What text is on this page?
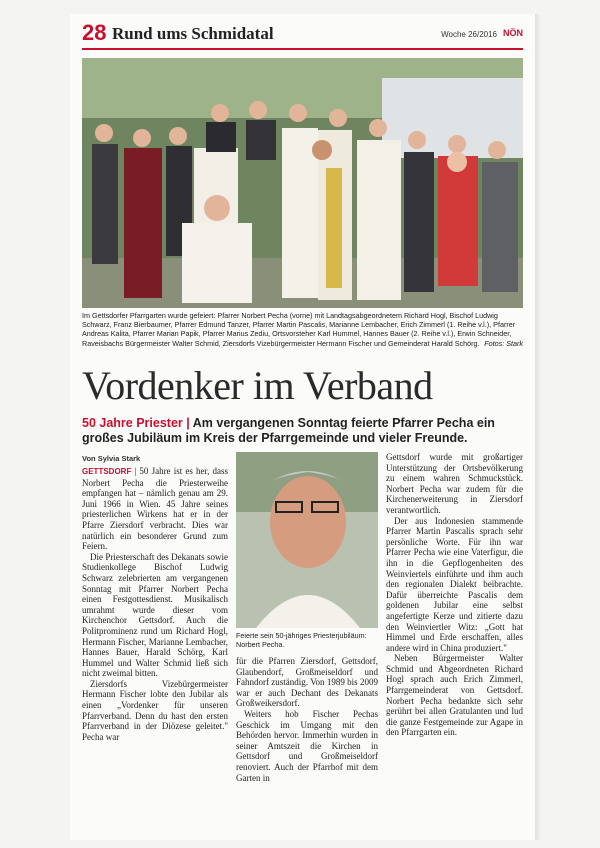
28 Rund ums Schmidatal	Woche 26/2016 NÖN
Im Gettsdorfer Pfarrgarten wurde gefeiert: Pfarrer Norbert Pecha (vorne) mit Landtagsabgeordnetem Richard Hogl, Bischof Ludwig Schwarz, Franz Bierbaumer, Pfarrer Edmund Tanzer, Pfarrer Martin Pascalis, Marianne Lembacher, Erich Zimmerl (1. Reihe v.l.), Pfarrer Andreas Kalita, Pfarrer Marian Papik, Pfarrer Marius Zediu, Ortsvorsteher Karl Hummel, Hannes Bauer (2. Reihe v.l.), Erwin Schneider, Raveisbachs Bürgermeister Walter Schmid, Ziersdorfs Vizebürgermeister Hermann Fischer und Gemeinderat Harald Schörg. Fotos: Stark
Vordenker im Verband
50 Jahre Priester | Am vergangenen Sonntag feierte Pfarrer Pecha ein großes Jubiläum im Kreis der Pfarrgemeinde und vieler Freunde.
Von Sylvia Stark

GETTSDORF | 50 Jahre ist es her, dass Norbert Pecha die Priesterweihe empfangen hat – nämlich genau am 29. Juni 1966 in Wien. 45 Jahre seines priesterlichen Wirkens hat er in der Pfarre Ziersdorf verbracht. Dies war natürlich ein besonderer Grund zum Feiern.

Die Priesterschaft des Dekanats sowie Studienkollege Bischof Ludwig Schwarz zelebrierten am vergangenen Sonntag mit Pfarrer Norbert Pecha einen Festgottesdienst. Musikalisch umrahmt wurde dieser vom Kirchenchor Gettsdorf. Auch die Politprominenz rund um Richard Hogl, Hermann Fischer, Marianne Lembacher, Hannes Bauer, Harald Schörg, Karl Hummel und Walter Schmid ließ sich nicht zweimal bitten.

Ziersdorfs Vizebürgermeister Hermann Fischer lobte den Jubilar als einen „Vordenker für unseren Pfarrverband. Denn du hast den ersten Pfarrverband in der Diözese geleitet." Pecha war

Feierte sein 50-jähriges Priesterjubiläum: Norbert Pecha.

für die Pfarren Ziersdorf, Gettsdorf, Glaubendorf, Großmeiseldorf und Fahndorf zuständig. Von 1989 bis 2009 war er auch Dechant des Dekanats Großweikersdorf.

Weiters hob Fischer Pechas Geschick im Umgang mit den Behörden hervor. Immerhin wurden in seiner Amtszeit die Kirchen in Gettsdorf und Großmeiseldorf renoviert. Auch der Pfarrhof mit dem Garten in

Gettsdorf wurde mit großartiger Unterstützung der Ortsbevölkerung zu einem wahren Schmuckstück. Norbert Pecha war zudem für die Kirchenerweiterung in Ziersdorf verantwortlich.

Der aus Indonesien stammende Pfarrer Martin Pascalis sprach sehr persönliche Worte. Für ihn war Pfarrer Pecha wie eine Vaterfigur, die ihn in die Gepflogenheiten des Weinviertels einführte und ihm auch den regionalen Dialekt beibrachte. Dafür überreichte Pascalis dem goldenen Jubilar eine selbst angefertigte Kerze und zitierte dazu den Weinviertler Witz: „Gott hat Himmel und Erde erschaffen, alles andere wird in China produziert."

Neben Bürgermeister Walter Schmid und Abgeordneten Richard Hogl sprach auch Erich Zimmerl, Pfarrgemeinderat von Gettsdorf. Norbert Pecha bedankte sich sehr gerührt bei allen Gratulanten und lud die ganze Festgemeinde zur Agape in den Pfarrgarten ein.
